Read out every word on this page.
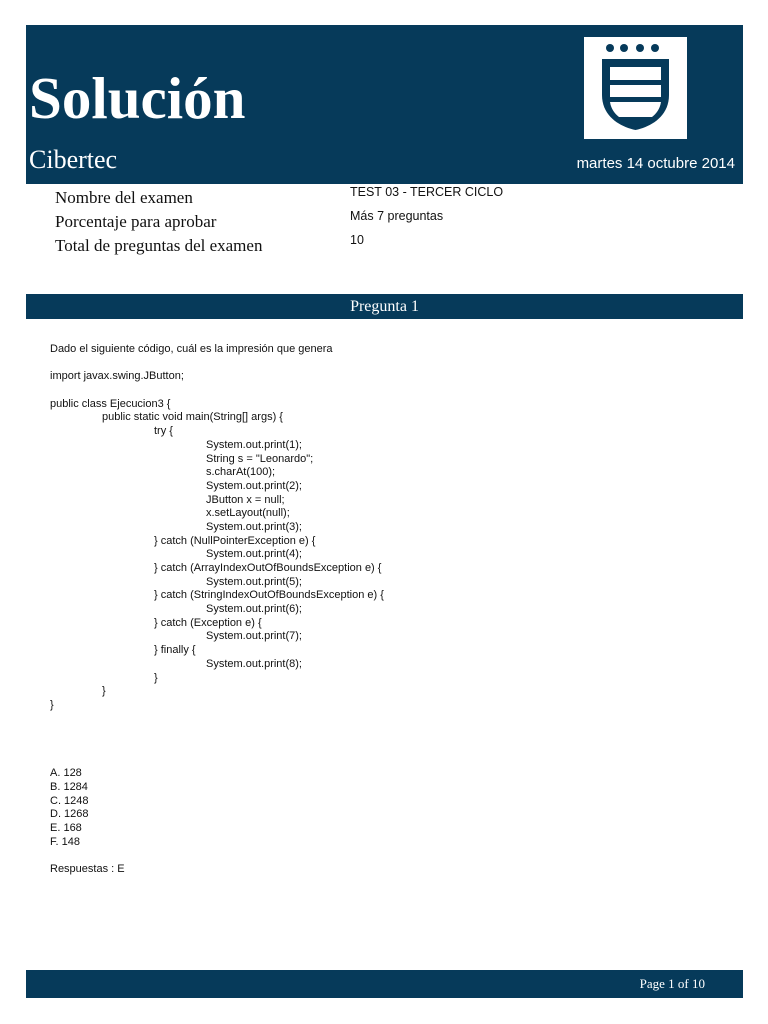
Solución
Cibertec	martes 14 octubre 2014
Nombre del examen	TEST 03 - TERCER CICLO
Porcentaje para aprobar	Más 7 preguntas
Total de preguntas del examen	10
Pregunta 1
Dado el siguiente código, cuál es la impresión que genera
import javax.swing.JButton;
public class Ejecucion3 {
public static void main(String[] args) {
try {
System.out.print(1);
String s = "Leonardo";
s.charAt(100);
System.out.print(2);
JButton x = null;
x.setLayout(null);
System.out.print(3);
} catch (NullPointerException e) {
System.out.print(4);
} catch (ArrayIndexOutOfBoundsException e) {
System.out.print(5);
} catch (StringIndexOutOfBoundsException e) {
System.out.print(6);
} catch (Exception e) {
System.out.print(7);
} finally {
System.out.print(8);
}
}
}
A. 128
B. 1284
C. 1248
D. 1268
E. 168
F. 148
Respuestas : E
Page 1 of 10
